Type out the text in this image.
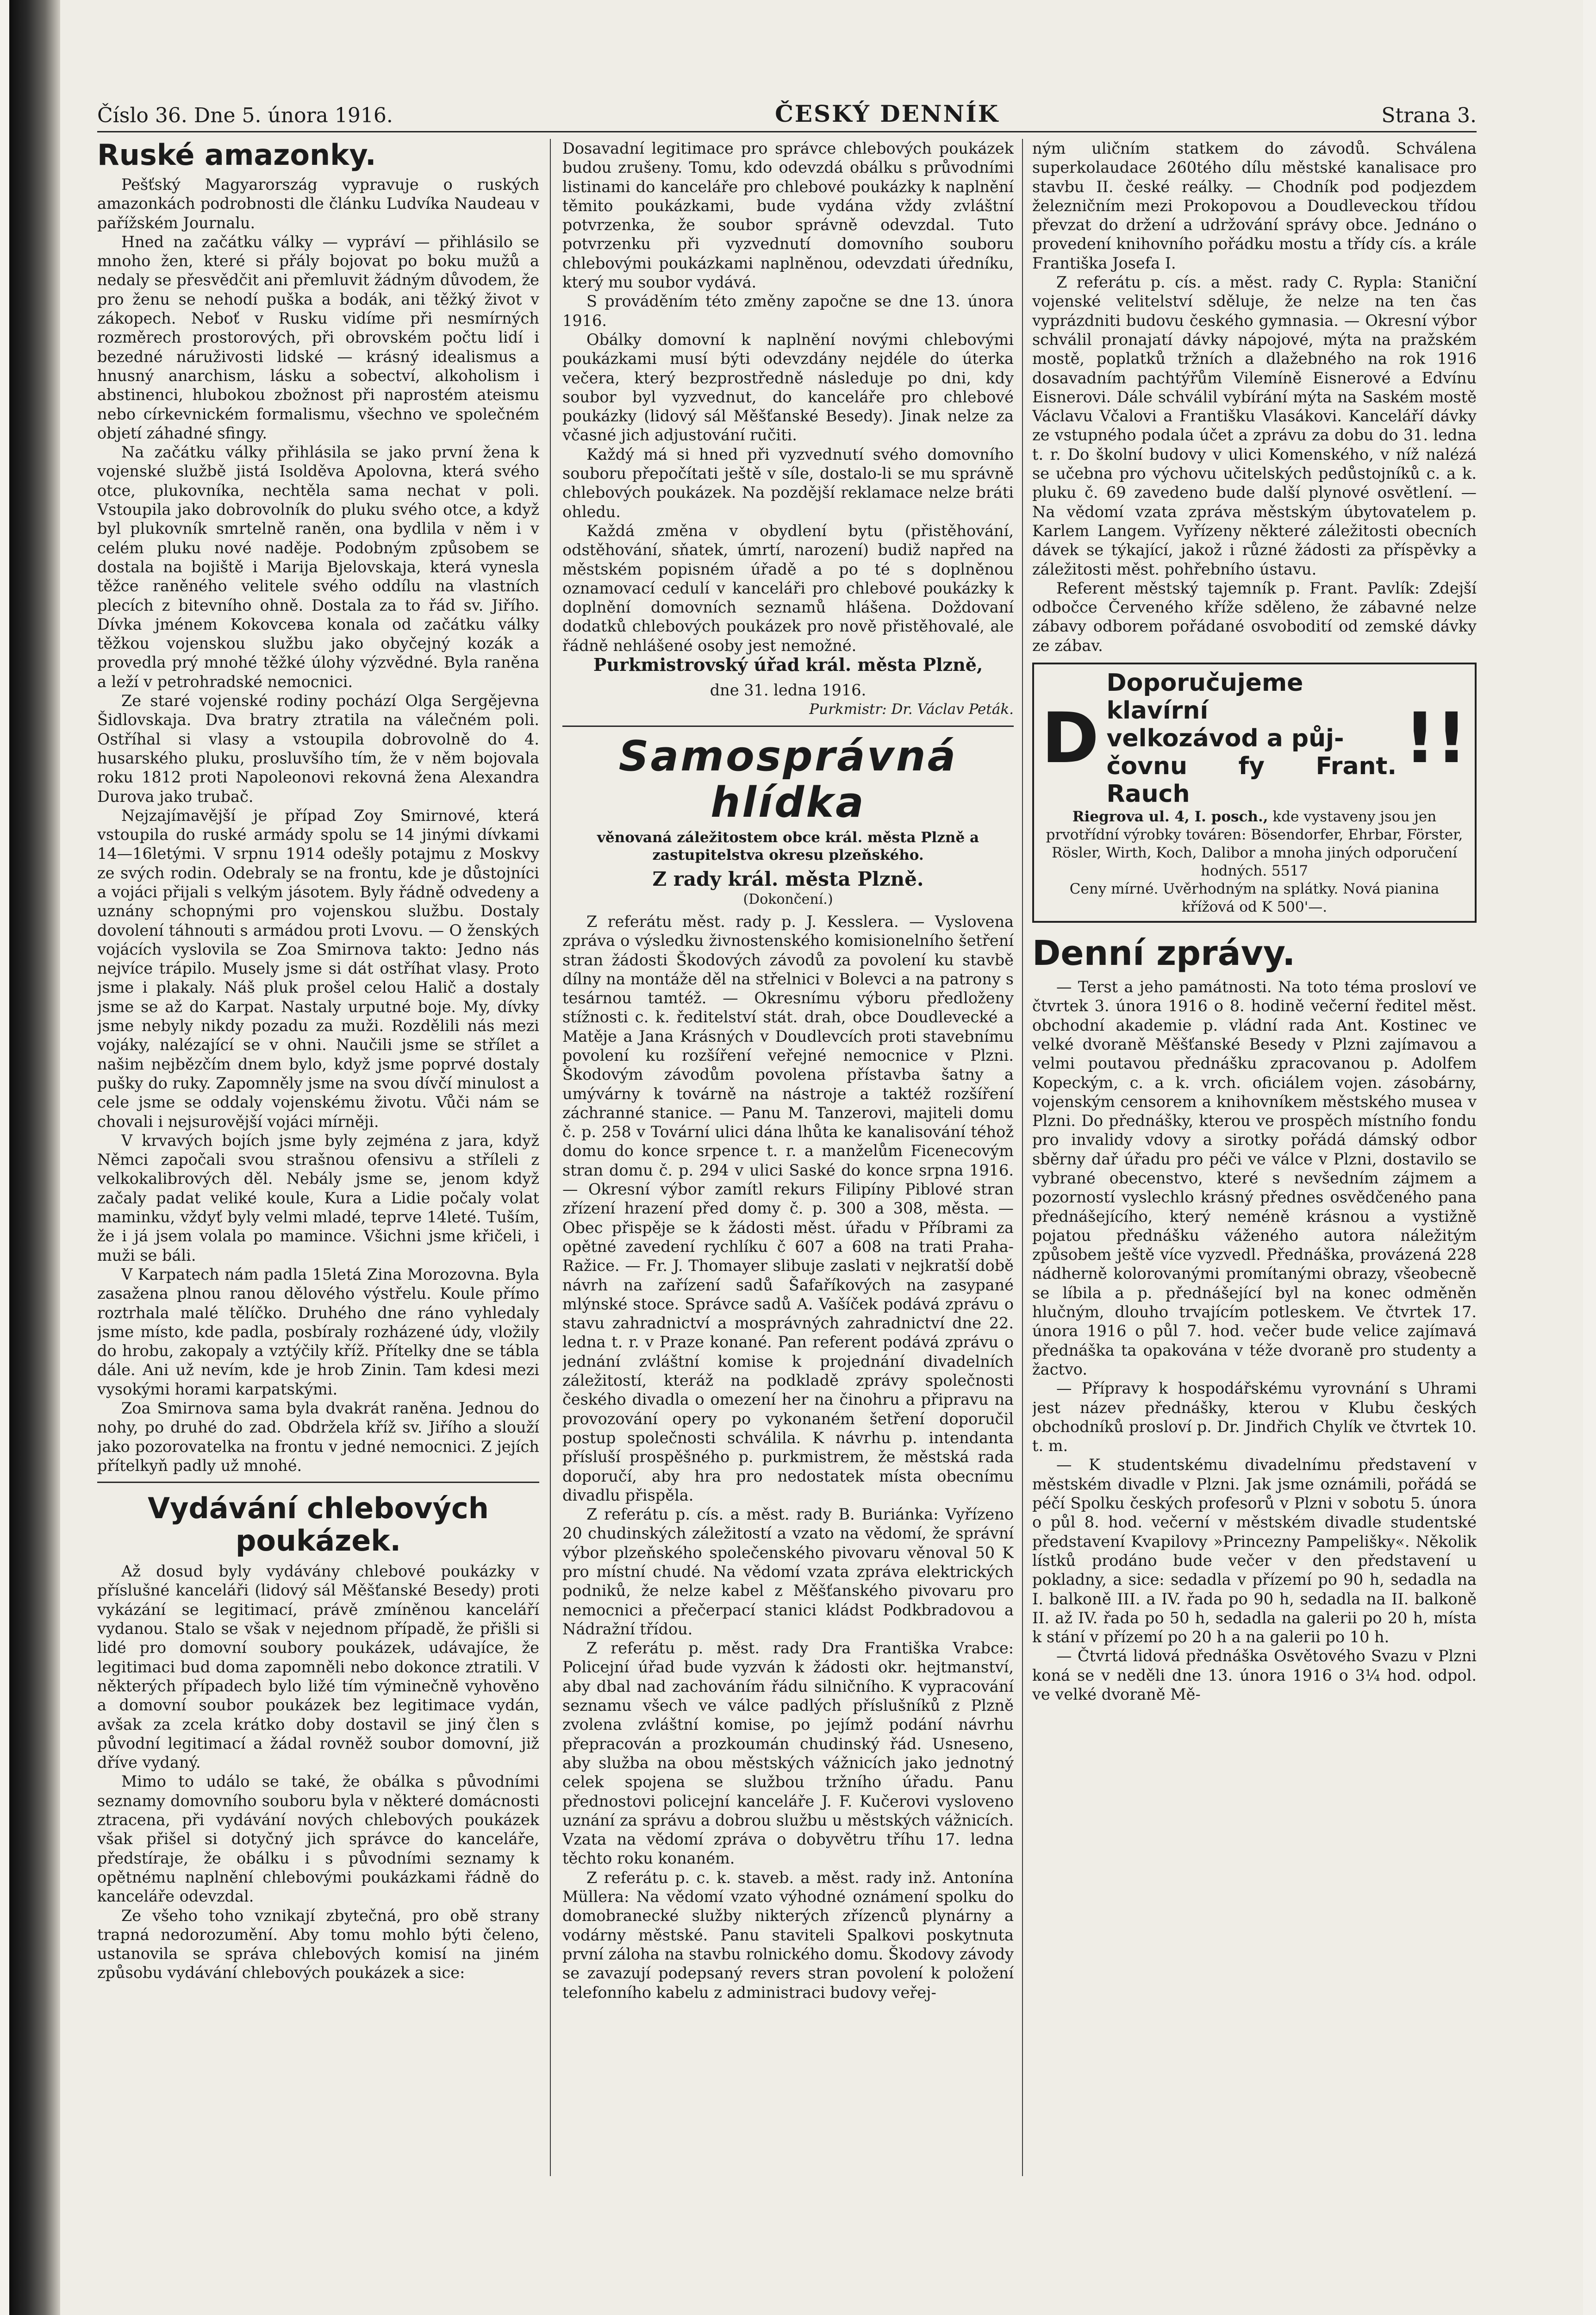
Číslo 36. Dne 5. února 1916.	ČESKÝ DENNÍK	Strana 3.
Ruské amazonky.

Pešťský Magyarország vypravuje o ruských amazonkách podrobnosti dle článku Ludvíka Naudeau v pařížském Journalu.

Hned na začátku války — vypráví — přihlásilo se mnoho žen, které si přály bojovat po boku mužů a nedaly se přesvědčit ani přemluvit žádným důvodem, že pro ženu se nehodí puška a bodák, ani těžký život v zákopech. Neboť v Rusku vidíme při nesmírných rozměrech prostorových, při obrovském počtu lidí i bezedné náruživosti lidské — krásný idealismus a hnusný anarchism, lásku a sobectví, alkoholism i abstinenci, hlubokou zbožnost při naprostém ateismu nebo církevnickém formalismu, všechno ve společném objetí záhadné sfingy.

Na začátku války přihlásila se jako první žena k vojenské službě jistá Isolděva Apolovna, která svého otce, plukovníka, nechtěla sama nechat v poli. Vstoupila jako dobrovolník do pluku svého otce, a když byl plukovník smrtelně raněn, ona bydlila v něm i v celém pluku nové naděje. Podobným způsobem se dostala na bojiště i Marija Bjelovskaja, která vynesla těžce raněného velitele svého oddílu na vlastních plecích z bitevního ohně. Dostala za to řád sv. Jiřího. Dívka jménem Kokovcева konala od začátku války těžkou vojenskou službu jako obyčejný kozák a provedla prý mnohé těžké úlohy výzvědné. Byla raněna a leží v petrohradské nemocnici.

Ze staré vojenské rodiny pochází Olga Sergějevna Šidlovskaja. Dva bratry ztratila na válečném poli. Ostříhal si vlasy a vstoupila dobrovolně do 4. husarského pluku, prosluvšího tím, že v něm bojovala roku 1812 proti Napoleonovi rekovná žena Alexandra Durova jako trubač.

Nejzajímavější je případ Zoy Smirnové, která vstoupila do ruské armády spolu se 14 jinými dívkami 14—16letými. V srpnu 1914 odešly potajmu z Moskvy ze svých rodin. Odebraly se na frontu, kde je důstojníci a vojáci přijali s velkým jásotem. Byly řádně odvedeny a uznány schopnými pro vojenskou službu. Dostaly dovolení táhnouti s armádou proti Lvovu. — O ženských vojácích vyslovila se Zoa Smirnova takto: Jedno nás nejvíce trápilo. Musely jsme si dát ostříhat vlasy. Proto jsme i plakaly. Náš pluk prošel celou Halič a dostaly jsme se až do Karpat. Nastaly urputné boje. My, dívky jsme nebyly nikdy pozadu za muži. Rozdělili nás mezi vojáky, nalézající se v ohni. Naučili jsme se střílet a našim nejbězčím dnem bylo, když jsme poprvé dostaly pušky do ruky. Zapomněly jsme na svou dívčí minulost a cele jsme se oddaly vojenskému životu. Vůči nám se chovali i nejsurovější vojáci mírněji.

V krvavých bojích jsme byly zejména z jara, když Němci započali svou strašnou ofensivu a stříleli z velkokalibrových děl. Nebály jsme se, jenom když začaly padat veliké koule, Kura a Lidie počaly volat maminku, vždyť byly velmi mladé, teprve 14leté. Tuším, že i já jsem volala po mamince. Všichni jsme křičeli, i muži se báli.

V Karpatech nám padla 15letá Zina Morozovna. Byla zasažena plnou ranou dělového výstřelu. Koule přímo roztrhala malé tělíčko. Druhého dne ráno vyhledaly jsme místo, kde padla, posbíraly rozházené údy, vložily do hrobu, zakopaly a vztýčily kříž. Přítelky dne se tábla dále. Ani už nevím, kde je hrob Zinin. Tam kdesi mezi vysokými horami karpatskými.

Zoa Smirnova sama byla dvakrát raněna. Jednou do nohy, po druhé do zad. Obdržela kříž sv. Jiřího a slouží jako pozorovatelka na frontu v jedné nemocnici. Z jejích přítelkyň padly už mnohé.

Vydávání chlebových poukázek.

Až dosud byly vydávány chlebové poukázky v příslušné kanceláři (lidový sál Měšťanské Besedy) proti vykázání se legitimací, právě zmíněnou kanceláří vydanou. Stalo se však v nejednom případě, že přišli si lidé pro domovní soubory poukázek, udávajíce, že legitimaci bud doma zapomněli nebo dokonce ztratili. V některých případech bylo ližé tím výminečně vyhověno a domovní soubor poukázek bez legitimace vydán, avšak za zcela krátko doby dostavil se jiný člen s původní legitimací a žádal rovněž soubor domovní, již dříve vydaný.

Mimo to událo se také, že obálka s původními seznamy domovního souboru byla v některé domácnosti ztracena, při vydávání nových chlebových poukázek však přišel si dotyčný jich správce do kanceláře, předstíraje, že obálku i s původními seznamy k opětnému naplnění chlebovými poukázkami řádně do kanceláře odevzdal.

Ze všeho toho vznikají zbytečná, pro obě strany trapná nedorozumění. Aby tomu mohlo býti čeleno, ustanovila se správa chlebových komisí na jiném způsobu vydávání chlebových poukázek a sice:

Dosavadní legitimace pro správce chlebových poukázek budou zrušeny. Tomu, kdo odevzdá obálku s průvodními listinami do kanceláře pro chlebové poukázky k naplnění těmito poukázkami, bude vydána vždy zvláštní potvrzenka, že soubor správně odevzdal. Tuto potvrzenku při vyzvednutí domovního souboru chlebovými poukázkami naplněnou, odevzdati úředníku, který mu soubor vydává.

S prováděním této změny započne se dne 13. února 1916.

Obálky domovní k naplnění novými chlebovými poukázkami musí býti odevzdány nejdéle do úterka večera, který bezprostředně následuje po dni, kdy soubor byl vyzvednut, do kanceláře pro chlebové poukázky (lidový sál Měšťanské Besedy). Jinak nelze za včasné jich adjustování ručiti.

Každý má si hned při vyzvednutí svého domovního souboru přepočítati ještě v síle, dostalo-li se mu správně chlebových poukázek. Na pozdější reklamace nelze bráti ohledu.

Každá změna v obydlení bytu (přistěhování, odstěhování, sňatek, úmrtí, narození) budiž napřed na městském popisném úřadě a po té s doplněnou oznamovací cedulí v kanceláři pro chlebové poukázky k doplnění domovních seznamů hlášena. Doždovaní dodatků chlebových poukázek pro nově přistěhovalé, ale řádně nehlášené osoby jest nemožné.

Purkmistrovský úřad král. města Plzně,
dne 31. ledna 1916.
Purkmistr: Dr. Václav Peták.
Samosprávná hlídka
věnovaná záležitostem obce král. města Plzně a zastupitelstva okresu plzeňského.
Z rady král. města Plzně.
(Dokončení.)

Z referátu měst. rady p. J. Kesslera. — Vyslovena zpráva o výsledku živnostenského komisionelního šetření stran žádosti Škodových závodů za povolení ku stavbě dílny na montáže děl na střelnici v Bolevci a na patrony s tesárnou tamtéž. — Okresnímu výboru předloženy stížnosti c. k. ředitelství stát. drah, obce Doudlevecké a Matěje a Jana Krásných v Doudlevcích proti stavebnímu povolení ku rozšíření veřejné nemocnice v Plzni. Škodovým závodům povolena přístavba šatny a umývárny k továrně na nástroje a taktéž rozšíření záchranné stanice. — Panu M. Tanzerovi, majiteli domu č. p. 258 v Tovární ulici dána lhůta ke kanalisování téhož domu do konce srpence t. r. a manželům Ficenecovým stran domu č. p. 294 v ulici Saské do konce srpna 1916. — Okresní výbor zamítl rekurs Filipíny Piblové stran zřízení hrazení před domy č. p. 300 a 308, města. — Obec přispěje se k žádosti měst. úřadu v Příbrami za opětné zavedení rychlíku č 607 a 608 na trati Praha-Ražice. — Fr. J. Thomayer slibuje zaslati v nejkratší době návrh na zařízení sadů Šafaříkových na zasypané mlýnské stoce. Správce sadů A. Vašíček podává zprávu o stavu zahradnictví a mosprávných zahradnictví dne 22. ledna t. r. v Praze konané. Pan referent podává zprávu o jednání zvláštní komise k projednání divadelních záležitostí, kteráž na podkladě zprávy společnosti českého divadla o omezení her na činohru a připravu na provozování opery po vykonaném šetření doporučil postup společnosti schválila. K návrhu p. intendanta přísluší prospěšného p. purkmistrem, že městská rada doporučí, aby hra pro nedostatek místa obecnímu divadlu přispěla.

Z referátu p. cís. a měst. rady B. Buriánka: Vyřízeno 20 chudinských záležitostí a vzato na vědomí, že správní výbor plzeňského společenského pivovaru věnoval 50 K pro místní chudé. Na vědomí vzata zpráva elektrických podniků, že nelze kabel z Měšťanského pivovaru pro nemocnici a přečerpací stanici kládst Podkbradovou a Nádražní třídou.

Z referátu p. měst. rady Dra Františka Vrabce: Policejní úřad bude vyzván k žádosti okr. hejtmanství, aby dbal nad zachováním řádu silničního. K vypracování seznamu všech ve válce padlých příslušníků z Plzně zvolena zvláštní komise, po jejímž podání návrhu přepracován a prozkoumán chudinský řád. Usneseno, aby služba na obou městských vážnicích jako jednotný celek spojena se službou tržního úřadu. Panu přednostovi policejní kanceláře J. F. Kučerovi vysloveno uznání za správu a dobrou službu u městských vážnicích. Vzata na vědomí zpráva o dobyvětru tříhu 17. ledna těchto roku konaném.

Z referátu p. c. k. staveb. a měst. rady inž. Antonína Müllera: Na vědomí vzato výhodné oznámení spolku do domobranecké služby nikterých zřízenců plynárny a vodárny městské. Panu staviteli Spalkovi poskytnuta první záloha na stavbu rolnického domu. Škodovy závody se zavazují podepsaný revers stran povolení k položení telefonního kabelu z administraci budovy veřej-

ným uličním statkem do závodů. Schválena superkolaudace 260tého dílu městské kanalisace pro stavbu II. české reálky. — Chodník pod podjezdem železničním mezi Prokopovou a Doudleveckou třídou převzat do držení a udržování správy obce. Jednáno o provedení knihovního pořádku mostu a třídy cís. a krále Františka Josefa I.

Z referátu p. cís. a měst. rady C. Rypla: Staniční vojenské velitelství sděluje, že nelze na ten čas vyprázdniti budovu českého gymnasia. — Okresní výbor schválil pronajatí dávky nápojové, mýta na pražském mostě, poplatků tržních a dlažebného na rok 1916 dosavadním pachtýřům Vilemíně Eisnerové a Edvínu Eisnerovi. Dále schválil vybírání mýta na Saském mostě Václavu Včalovi a Františku Vlasákovi. Kanceláří dávky ze vstupného podala účet a zprávu za dobu do 31. ledna t. r. Do školní budovy v ulici Komenského, v níž nalézá se učebna pro výchovu učitelských pedůstojníků c. a k. pluku č. 69 zavedeno bude další plynové osvětlení. — Na vědomí vzata zpráva městským úbytovatelem p. Karlem Langem. Vyřízeny některé záležitosti obecních dávek se týkající, jakož i různé žádosti za příspěvky a záležitosti měst. pohřebního ústavu.

Referent městský tajemník p. Frant. Pavlík: Zdejší odbočce Červeného kříže sděleno, že zábavné nelze zábavy odborem pořádané osvobodití od zemské dávky ze zábav.

D
Doporučujeme klavírní
velkozávod a půj-
čovnu fy Frant. Rauch
!!
Riegrova ul. 4, I. posch., kde vystaveny jsou jen prvotřídní výrobky továren: Bösendorfer, Ehrbar, Förster, Rösler, Wirth, Koch, Dalibor a mnoha jiných odporučení hodných. 5517
Ceny mírné. Uvěrhodným na splátky. Nová pianina křížová od K 500'—.
Denní zprávy.

— Terst a jeho památnosti. Na toto téma prosloví ve čtvrtek 3. února 1916 o 8. hodině večerní ředitel měst. obchodní akademie p. vládní rada Ant. Kostinec ve velké dvoraně Měšťanské Besedy v Plzni zajímavou a velmi poutavou přednášku zpracovanou p. Adolfem Kopeckým, c. a k. vrch. oficiálem vojen. zásobárny, vojenským censorem a knihovníkem městského musea v Plzni. Do přednášky, kterou ve prospěch místního fondu pro invalidy vdovy a sirotky pořádá dámský odbor sběrny dař úřadu pro péči ve válce v Plzni, dostavilo se vybrané obecenstvo, které s nevšedním zájmem a pozorností vyslechlo krásný přednes osvědčeného pana přednášejícího, který neméně krásnou a vystižně pojatou přednášku váženého autora náležitým způsobem ještě více vyzvedl. Přednáška, provázená 228 nádherně kolorovanými promítanými obrazy, všeobecně se líbila a p. přednášející byl na konec odměněn hlučným, dlouho trvajícím potleskem. Ve čtvrtek 17. února 1916 o půl 7. hod. večer bude velice zajímavá přednáška ta opakována v téže dvoraně pro studenty a žactvo.

— Přípravy k hospodářskému vyrovnání s Uhrami jest název přednášky, kterou v Klubu českých obchodníků prosloví p. Dr. Jindřich Chylík ve čtvrtek 10. t. m.

— K studentskému divadelnímu představení v městském divadle v Plzni. Jak jsme oznámili, pořádá se péčí Spolku českých profesorů v Plzni v sobotu 5. února o půl 8. hod. večerní v městském divadle studentské představení Kvapilovy »Princezny Pampelišky«. Několik lístků prodáno bude večer v den představení u pokladny, a sice: sedadla v přízemí po 90 h, sedadla na I. balkoně III. a IV. řada po 90 h, sedadla na II. balkoně II. až IV. řada po 50 h, sedadla na galerii po 20 h, místa k stání v přízemí po 20 h a na galerii po 10 h.

— Čtvrtá lidová přednáška Osvětového Svazu v Plzni koná se v neděli dne 13. února 1916 o 3¼ hod. odpol. ve velké dvoraně Mě-
